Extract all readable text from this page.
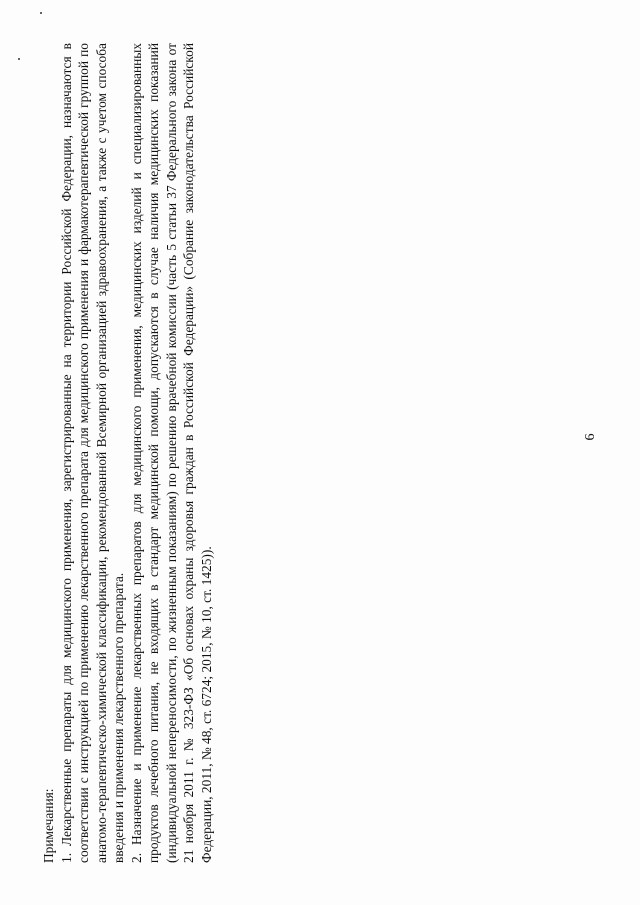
Примечания: 1. Лекарственные препараты для медицинского применения, зарегистрированные на территории Российской Федерации, назначаются в соответствии с инструкцией по применению лекарственного препарата для медицинского применения и фармакотерапевтической группой по анатомо-терапевтическо-химической классификации, рекомендованной Всемирной организацией здравоохранения, а также с учетом способа введения и применения лекарственного препарата. 2. Назначение и применение лекарственных препаратов для медицинского применения, медицинских изделий и специализированных продуктов лечебного питания, не входящих в стандарт медицинской помощи, допускаются в случае наличия медицинских показаний (индивидуальной непереносимости, по жизненным показаниям) по решению врачебной комиссии (часть 5 статьи 37 Федерального закона от 21 ноября 2011 г. № 323-ФЗ «Об основах охраны здоровья граждан в Российской Федерации» (Собрание законодательства Российской Федерации, 2011, № 48, ст. 6724; 2015, № 10, ст. 1425)).

6
